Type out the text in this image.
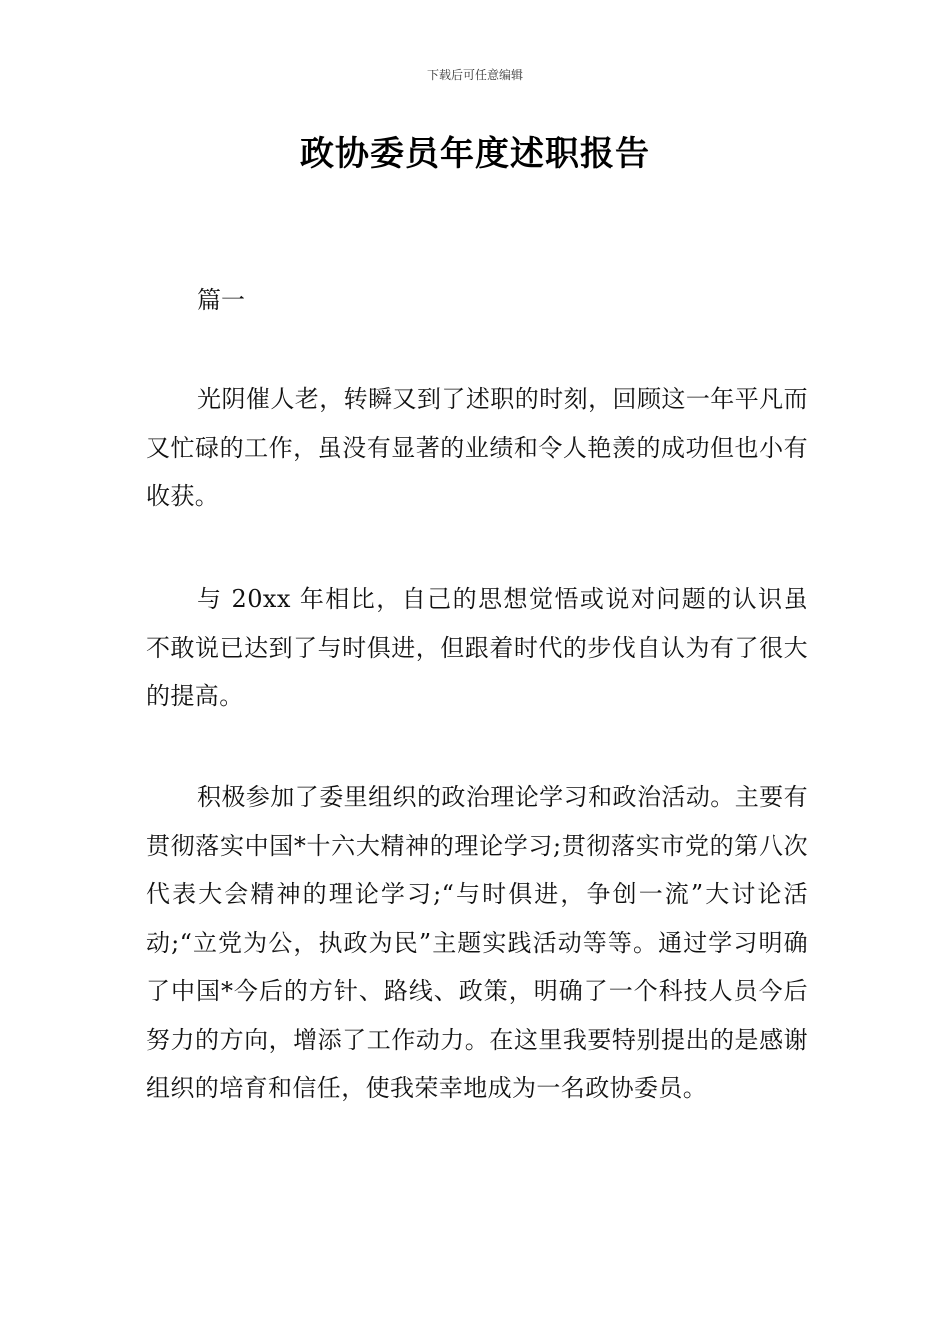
下载后可任意编辑
政协委员年度述职报告
篇一

光阴催人老，转瞬又到了述职的时刻，回顾这一年平凡而又忙碌的工作，虽没有显著的业绩和令人艳羡的成功但也小有收获。

与 20xx 年相比，自己的思想觉悟或说对问题的认识虽不敢说已达到了与时俱进，但跟着时代的步伐自认为有了很大的提高。

积极参加了委里组织的政治理论学习和政治活动。主要有贯彻落实中国*十六大精神的理论学习;贯彻落实市党的第八次代表大会精神的理论学习;“与时俱进，争创一流”大讨论活动;“立党为公，执政为民”主题实践活动等等。通过学习明确了中国*今后的方针、路线、政策，明确了一个科技人员今后努力的方向，增添了工作动力。在这里我要特别提出的是感谢组织的培育和信任，使我荣幸地成为一名政协委员。
